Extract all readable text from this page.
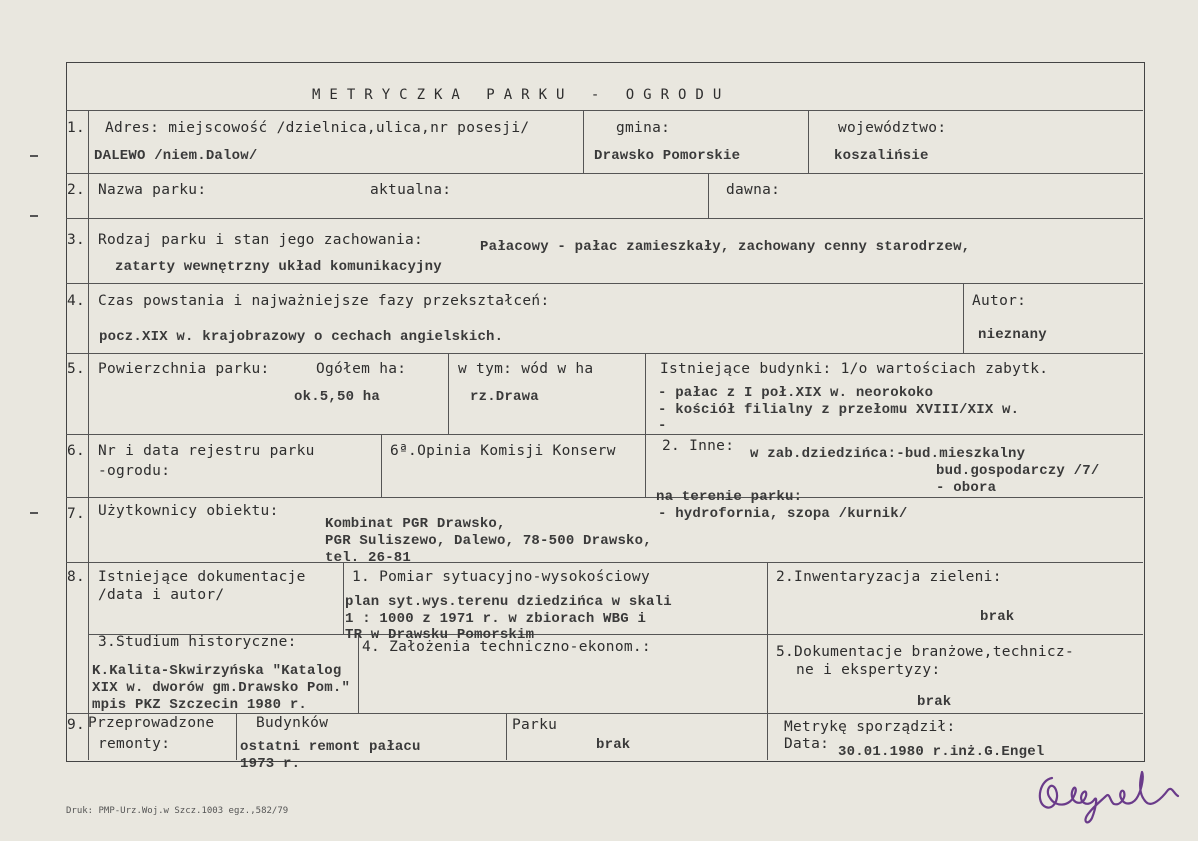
METRYCZKA PARKU - OGRODU
1. Adres: miejscowość /dzielnica,ulica,nr posesji/
DALEWO /niem.Dalow/
gmina:
Drawsko Pomorskie
województwo:
koszalińsie
2. Nazwa parku:	aktualna:	dawna:
3. Rodzaj parku i stan jego zachowania:	Pałacowy - pałac zamieszkały, zachowany cenny starodrzew,
zatarty wewnętrzny układ komunikacyjny
4. Czas powstania i najważniejsze fazy przekształceń:
pocz.XIX w. krajobrazowy o cechach angielskich.
Autor:
nieznany
5. Powierzchnia parku:	Ogółem ha:
ok.5,50 ha
w tym: wód w ha
rz.Drawa
Istniejące budynki: 1/o wartościach zabytk.
- pałac z I poł.XIX w. neorokoko
- kościół filialny z przełomu XVIII/XIX w.
-
6. Nr i data rejestru parku
-ogrodu:
6ª.Opinia Komisji Konserw	2. Inne: w zab.dziedzińca:-bud.mieszkalny
bud.gospodarczy /7/
- obora
na terenie parku:
- hydrofornia, szopa /kurnik/
7. Użytkownicy obiektu:
Kombinat PGR Drawsko,
PGR Suliszewo, Dalewo, 78-500 Drawsko,
tel. 26-81
8. Istniejące dokumentacje
/data i autor/
1. Pomiar sytuacyjno-wysokościowy
plan syt.wys.terenu dziedzińca w skali
1 : 1000 z 1971 r. w zbiorach WBG i
TR w Drawsku Pomorskim
2.Inwentaryzacja zieleni:
brak
3.Studium historyczne:
K.Kalita-Skwirzyńska "Katalog
XIX w. dworów gm.Drawsko Pom."
mpis PKZ Szczecin 1980 r.
4. Założenia techniczno-ekonom.:	5.Dokumentacje branżowe,technicz-
ne i ekspertyzy:
brak
9. Przeprowadzone
remonty:
Budynków
ostatni remont pałacu
1973 r.
Parku
brak
Metrykę sporządził:
Data: 30.01.1980 r.inż.G.Engel
Druk: PMP-Urz.Woj.w Szcz.1003 egz.,582/79
